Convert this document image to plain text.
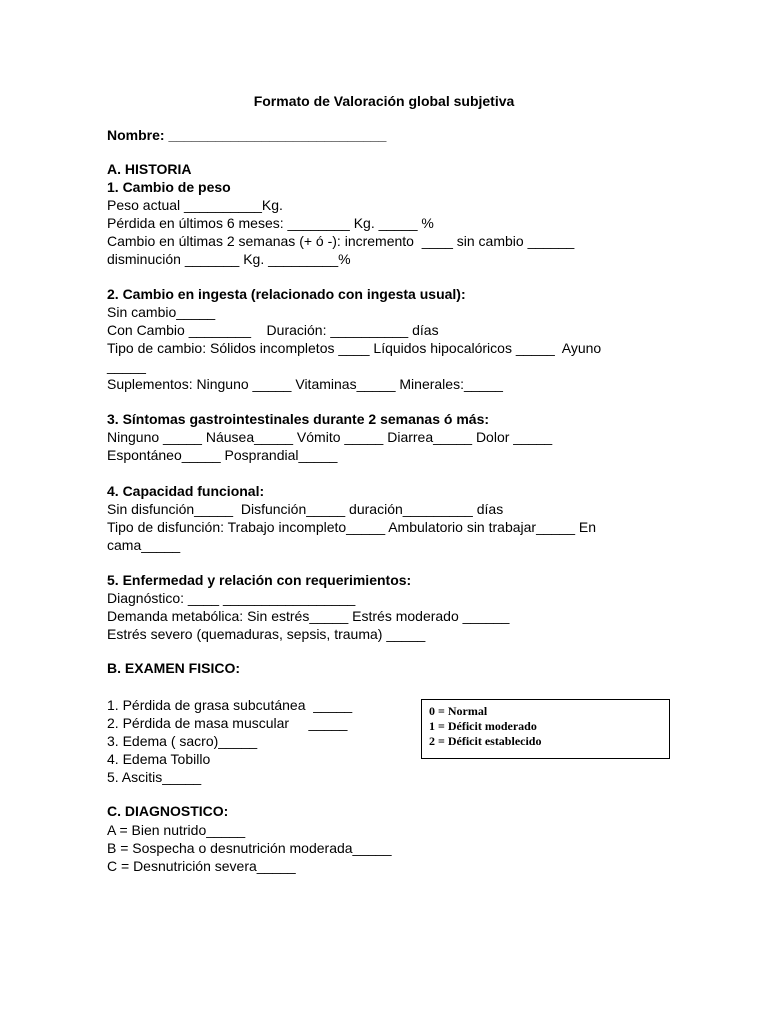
Formato de Valoración global subjetiva
Nombre: ____________________________
A. HISTORIA
1. Cambio de peso
Peso actual __________Kg.
Pérdida en últimos 6 meses: ________ Kg. _____ %
Cambio en últimas 2 semanas (+ ó -): incremento  ____ sin cambio ______
disminución _______ Kg. _________%
2. Cambio en ingesta (relacionado con ingesta usual):
Sin cambio_____
Con Cambio ________    Duración: __________ días
Tipo de cambio: Sólidos incompletos ____ Líquidos hipocalóricos _____  Ayuno
_____
Suplementos: Ninguno _____ Vitaminas_____ Minerales:_____
3. Síntomas gastrointestinales durante 2 semanas ó más:
Ninguno _____ Náusea_____ Vómito _____ Diarrea_____ Dolor _____
Espontáneo_____ Posprandial_____
4. Capacidad funcional:
Sin disfunción_____  Disfunción_____ duración_________ días
Tipo de disfunción: Trabajo incompleto_____ Ambulatorio sin trabajar_____ En
cama_____
5. Enfermedad y relación con requerimientos:
Diagnóstico: ____ _________________
Demanda metabólica: Sin estrés_____ Estrés moderado ______
Estrés severo (quemaduras, sepsis, trauma) _____
B. EXAMEN FISICO:
1. Pérdida de grasa subcutánea  _____
2. Pérdida de masa muscular     _____
3. Edema ( sacro)_____
4. Edema Tobillo
5. Ascitis_____
0 = Normal
1 = Déficit moderado
2 = Déficit establecido
C. DIAGNOSTICO:
A = Bien nutrido_____
B = Sospecha o desnutrición moderada_____
C = Desnutrición severa_____
